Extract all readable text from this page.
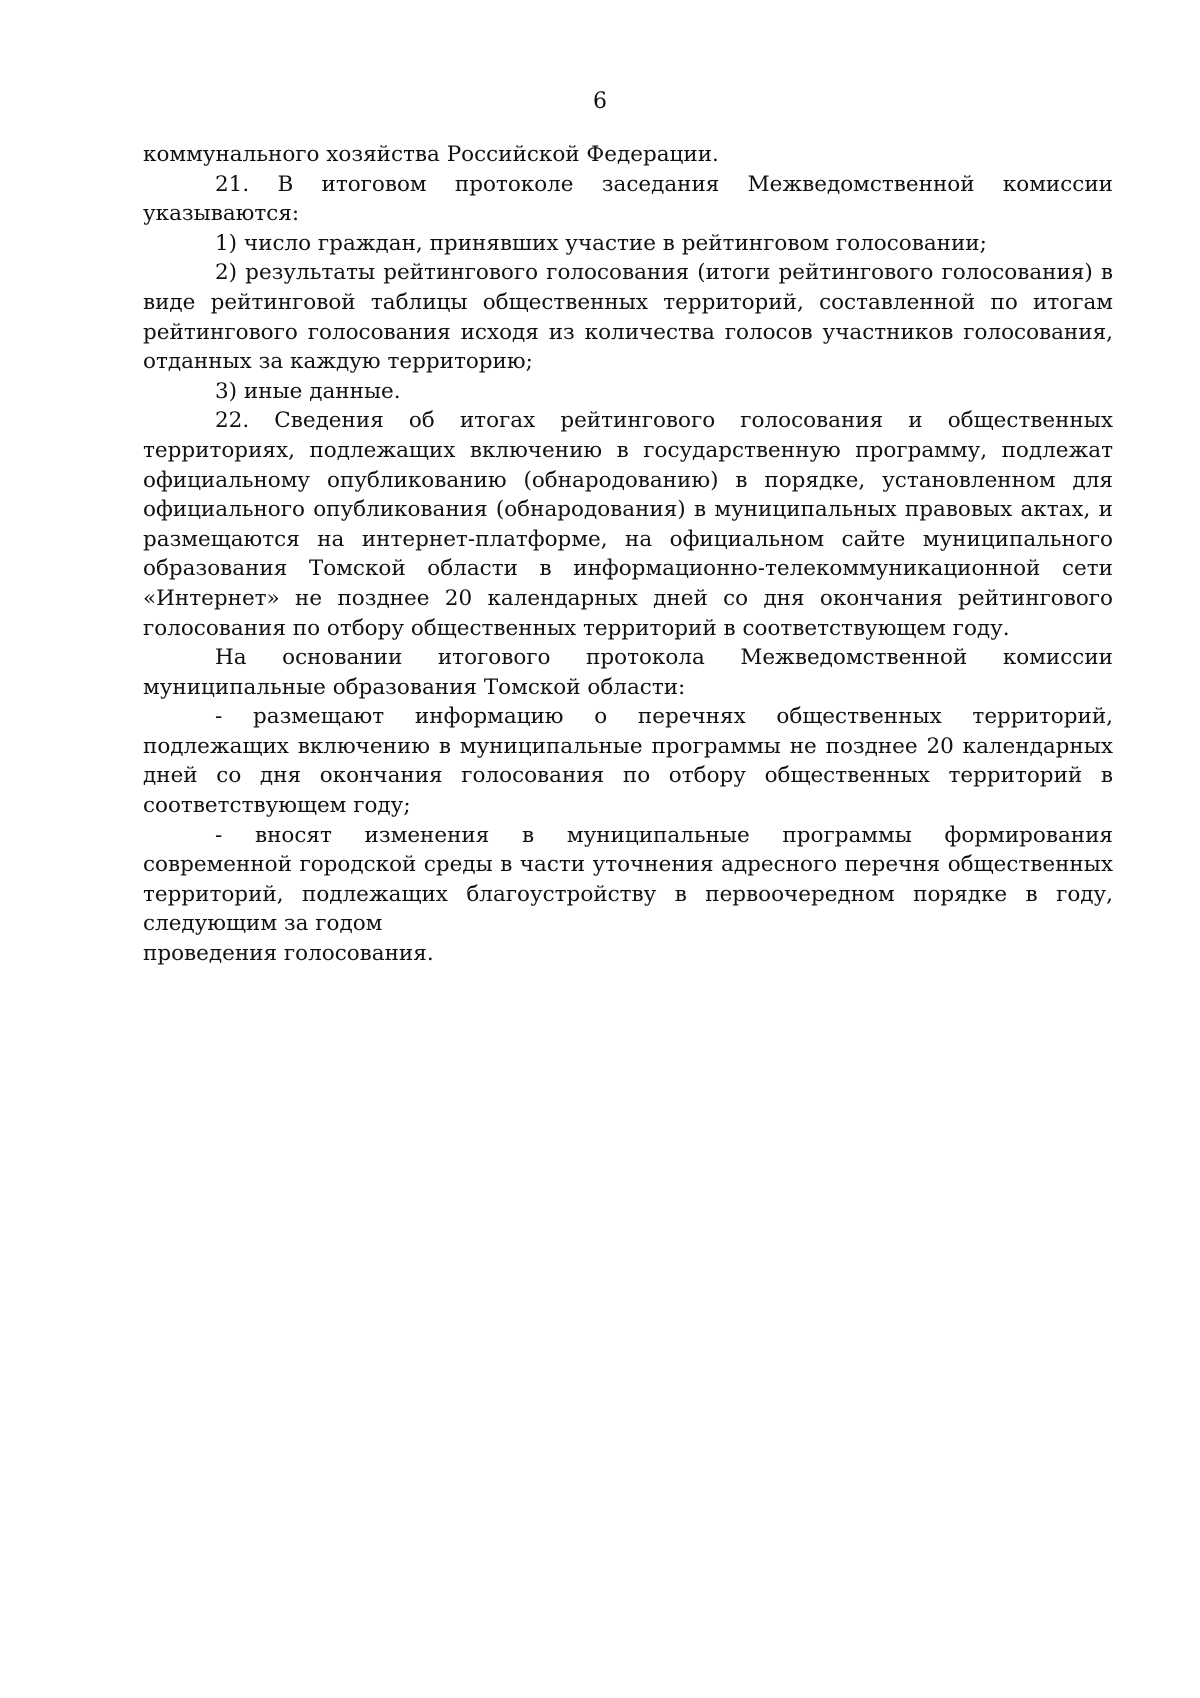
6

коммунального хозяйства Российской Федерации.

21. В итоговом протоколе заседания Межведомственной комиссии указываются:

1) число граждан, принявших участие в рейтинговом голосовании;

2) результаты рейтингового голосования (итоги рейтингового голосования) в виде рейтинговой таблицы общественных территорий, составленной по итогам рейтингового голосования исходя из количества голосов участников голосования, отданных за каждую территорию;

3) иные данные.

22. Сведения об итогах рейтингового голосования и общественных территориях, подлежащих включению в государственную программу, подлежат официальному опубликованию (обнародованию) в порядке, установленном для официального опубликования (обнародования) в муниципальных правовых актах, и размещаются на интернет-платформе, на официальном сайте муниципального образования Томской области в информационно-телекоммуникационной сети «Интернет» не позднее 20 календарных дней со дня окончания рейтингового голосования по отбору общественных территорий в соответствующем году.

На основании итогового протокола Межведомственной комиссии

муниципальные образования Томской области:

- размещают информацию о перечнях общественных территорий, подлежащих включению в муниципальные программы не позднее 20 календарных дней со дня окончания голосования по отбору общественных территорий в соответствующем году;

- вносят изменения в муниципальные программы формирования современной городской среды в части уточнения адресного перечня общественных территорий, подлежащих благоустройству в первоочередном порядке в году, следующим за годом

проведения голосования.
